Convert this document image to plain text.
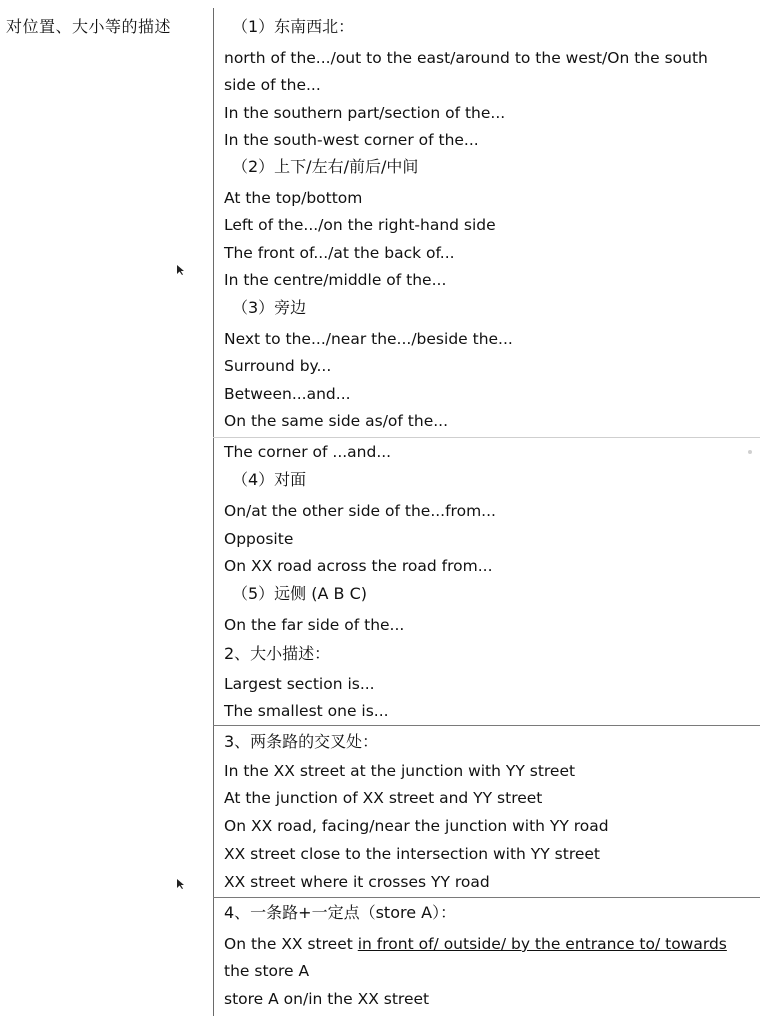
对位置、大小等的描述	（1）东南西北：
north of the.../out to the east/around to the west/On the south
side of the...
In the southern part/section of the...
In the south-west corner of the...
（2）上下/左右/前后/中间
At the top/bottom
Left of the.../on the right-hand side
The front of.../at the back of...
In the centre/middle of the...
（3）旁边
Next to the.../near the.../beside the...
Surround by...
Between...and...
On the same side as/of the...
The corner of ...and...
（4）对面
On/at the other side of the...from...
Opposite
On XX road across the road from...
（5）远侧 (A B C)
On the far side of the...
2、大小描述：
Largest section is...
The smallest one is...
3、两条路的交叉处：
In the XX street at the junction with YY street
At the junction of XX street and YY street
On XX road, facing/near the junction with YY road
XX street close to the intersection with YY street
XX street where it crosses YY road
4、一条路+一定点（store A）：
On the XX street in front of/ outside/ by the entrance to/ towards
the store A
store A on/in the XX street
